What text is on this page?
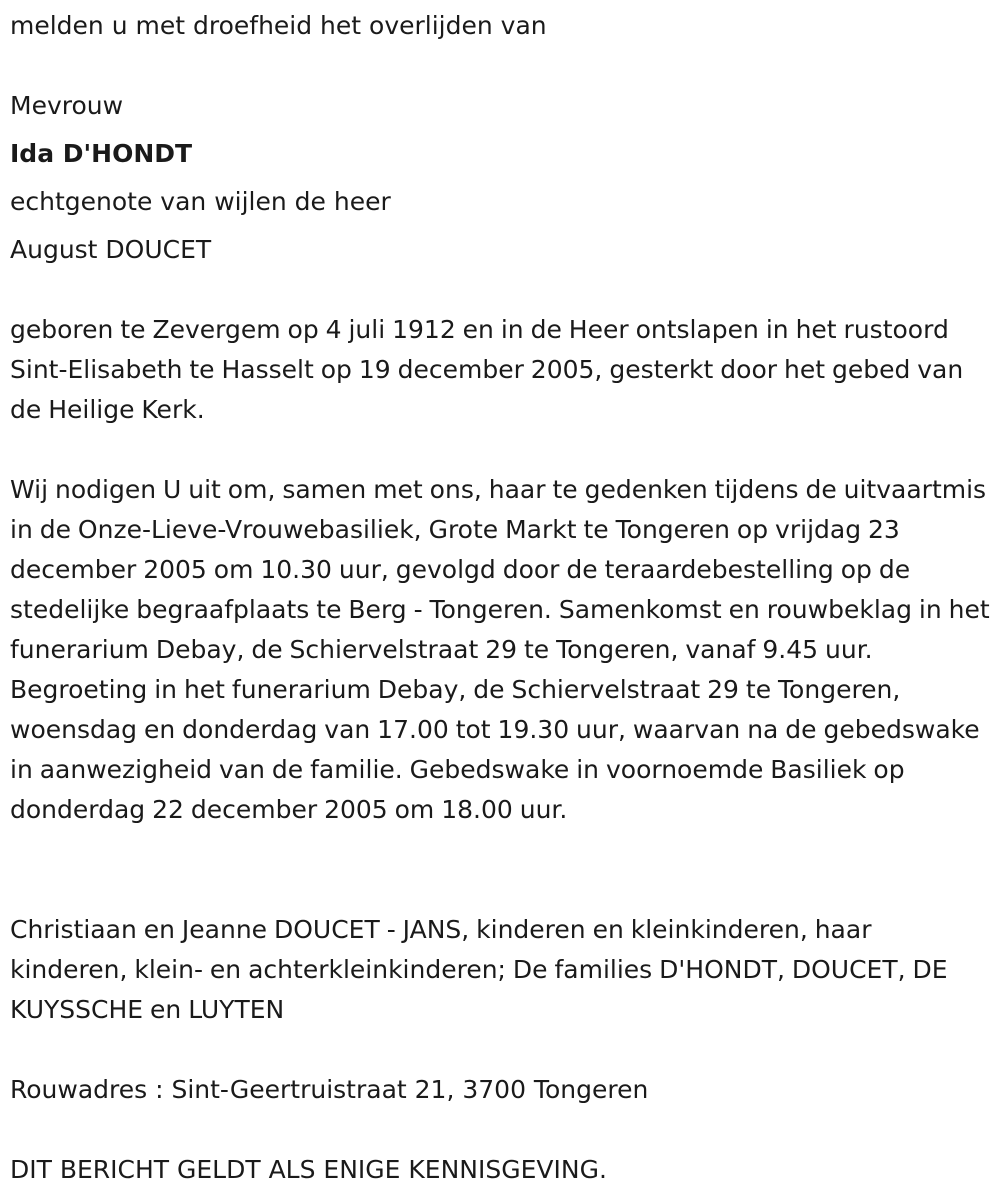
melden u met droefheid het overlijden van
Mevrouw
Ida D'HONDT
echtgenote van wijlen de heer
August DOUCET
geboren te Zevergem op 4 juli 1912 en in de Heer ontslapen in het rustoord Sint-Elisabeth te Hasselt op 19 december 2005, gesterkt door het gebed van de Heilige Kerk.
Wij nodigen U uit om, samen met ons, haar te gedenken tijdens de uitvaartmis in de Onze-Lieve-Vrouwebasiliek, Grote Markt te Tongeren op vrijdag 23 december 2005 om 10.30 uur, gevolgd door de teraardebestelling op de stedelijke begraafplaats te Berg - Tongeren. Samenkomst en rouwbeklag in het funerarium Debay, de Schiervelstraat 29 te Tongeren, vanaf 9.45 uur. Begroeting in het funerarium Debay, de Schiervelstraat 29 te Tongeren, woensdag en donderdag van 17.00 tot 19.30 uur, waarvan na de gebedswake in aanwezigheid van de familie. Gebedswake in voornoemde Basiliek op donderdag 22 december 2005 om 18.00 uur.
Christiaan en Jeanne DOUCET - JANS, kinderen en kleinkinderen, haar kinderen, klein- en achterkleinkinderen; De families D'HONDT, DOUCET, DE KUYSSCHE en LUYTEN
Rouwadres : Sint-Geertruistraat 21, 3700 Tongeren
DIT BERICHT GELDT ALS ENIGE KENNISGEVING.
